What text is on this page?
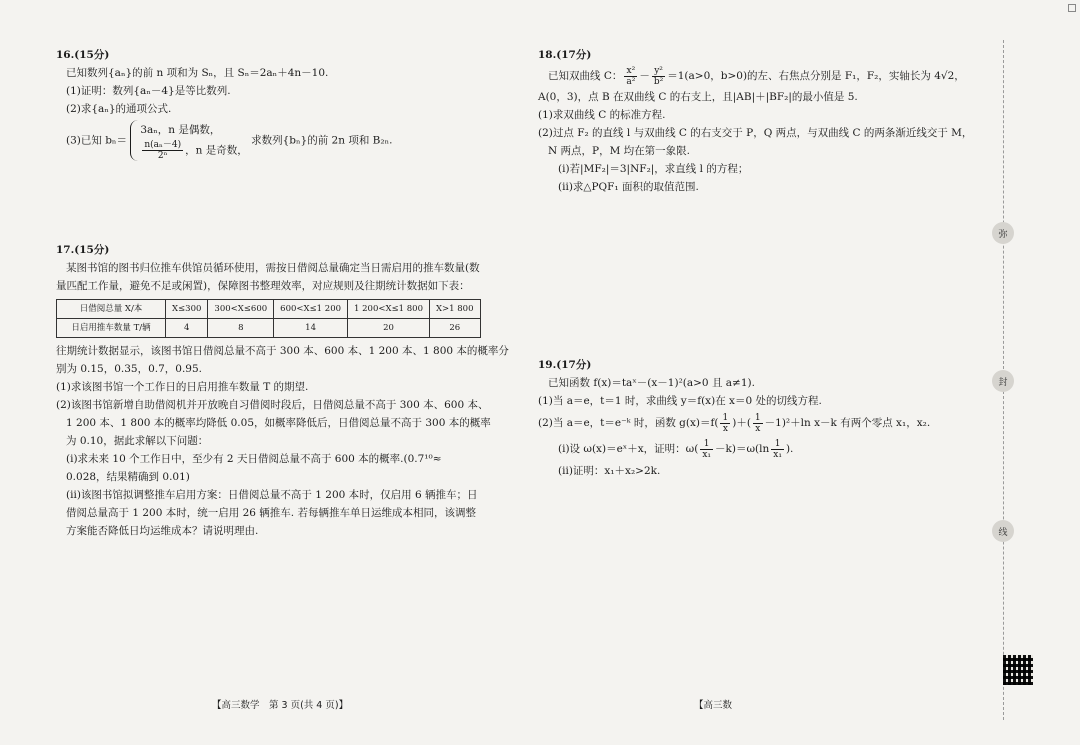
16.(15分)

已知数列{aₙ}的前 n 项和为 Sₙ，且 Sₙ＝2aₙ＋4n－10.

(1)证明：数列{aₙ－4}是等比数列.

(2)求{aₙ}的通项公式.

(3)已知 bₙ＝
3aₙ，n 是偶数，
$\frac{\text{n(aₙ－4)}}{\text{2ⁿ}}$ ，n 是奇数，
求数列{bₙ}的前 2n 项和 B₂ₙ.

17.(15分)

某图书馆的图书归位推车供馆员循环使用，需按日借阅总量确定当日需启用的推车数量(数

量匹配工作量，避免不足或闲置)，保障图书整理效率，对应规则及往期统计数据如下表：

日借阅总量 X/本	X≤300	300<X≤600	600<X≤1 200	1 200<X≤1 800	X>1 800
日启用推车数量 T/辆	4	8	14	20	26

往期统计数据显示，该图书馆日借阅总量不高于 300 本、600 本、1 200 本、1 800 本的概率分

别为 0.15，0.35，0.7，0.95.

(1)求该图书馆一个工作日的日启用推车数量 T 的期望.

(2)该图书馆新增自助借阅机并开放晚自习借阅时段后，日借阅总量不高于 300 本、600 本、

1 200 本、1 800 本的概率均降低 0.05，如概率降低后，日借阅总量不高于 300 本的概率

为 0.10，据此求解以下问题：

(ⅰ)求未来 10 个工作日中，至少有 2 天日借阅总量不高于 600 本的概率.(0.7¹⁰≈

0.028，结果精确到 0.01)

(ⅱ)该图书馆拟调整推车启用方案：日借阅总量不高于 1 200 本时，仅启用 6 辆推车；日

借阅总量高于 1 200 本时，统一启用 26 辆推车. 若每辆推车单日运维成本相同，该调整

方案能否降低日均运维成本？请说明理由.

18.(17分)

已知双曲线 C： $\frac{\text{x²}}{\text{a²}} - \frac{\text{y²}}{\text{b²}} =1(a>0$，b>0)的左、右焦点分别是 F₁，F₂，实轴长为 4√2，

A(0，3)，点 B 在双曲线 C 的右支上，且|AB|＋|BF₂|的最小值是 5.

(1)求双曲线 C 的标准方程.

(2)过点 F₂ 的直线 l 与双曲线 C 的右支交于 P，Q 两点，与双曲线 C 的两条渐近线交于 M，

N 两点，P，M 均在第一象限.

(ⅰ)若|MF₂|＝3|NF₂|，求直线 l 的方程；

(ⅱ)求△PQF₁ 面积的取值范围.

19.(17分)

已知函数 f(x)＝taˣ－(x－1)²(a>0 且 a≠1).

(1)当 a＝e，t＝1 时，求曲线 y＝f(x)在 x＝0 处的切线方程.

(2)当 a＝e，t＝e⁻ᵏ 时，函数 $g(x)=f( \frac{1}{x}$ )＋( $\frac{1}{x} -1)^2+\ln$ x－k 有两个零点 x₁，x₂.
(ⅰ)设 ω(x)＝eˣ＋x，证明：$\omega( \frac{1}{\text{x₁}} -k)=\omega(\ln \frac{1}{\text{x₁}}$ ).

(ⅱ)证明：x₁＋x₂>2k.

弥
封
线
【高三数学　第 3 页(共 4 页)】	【高三数
